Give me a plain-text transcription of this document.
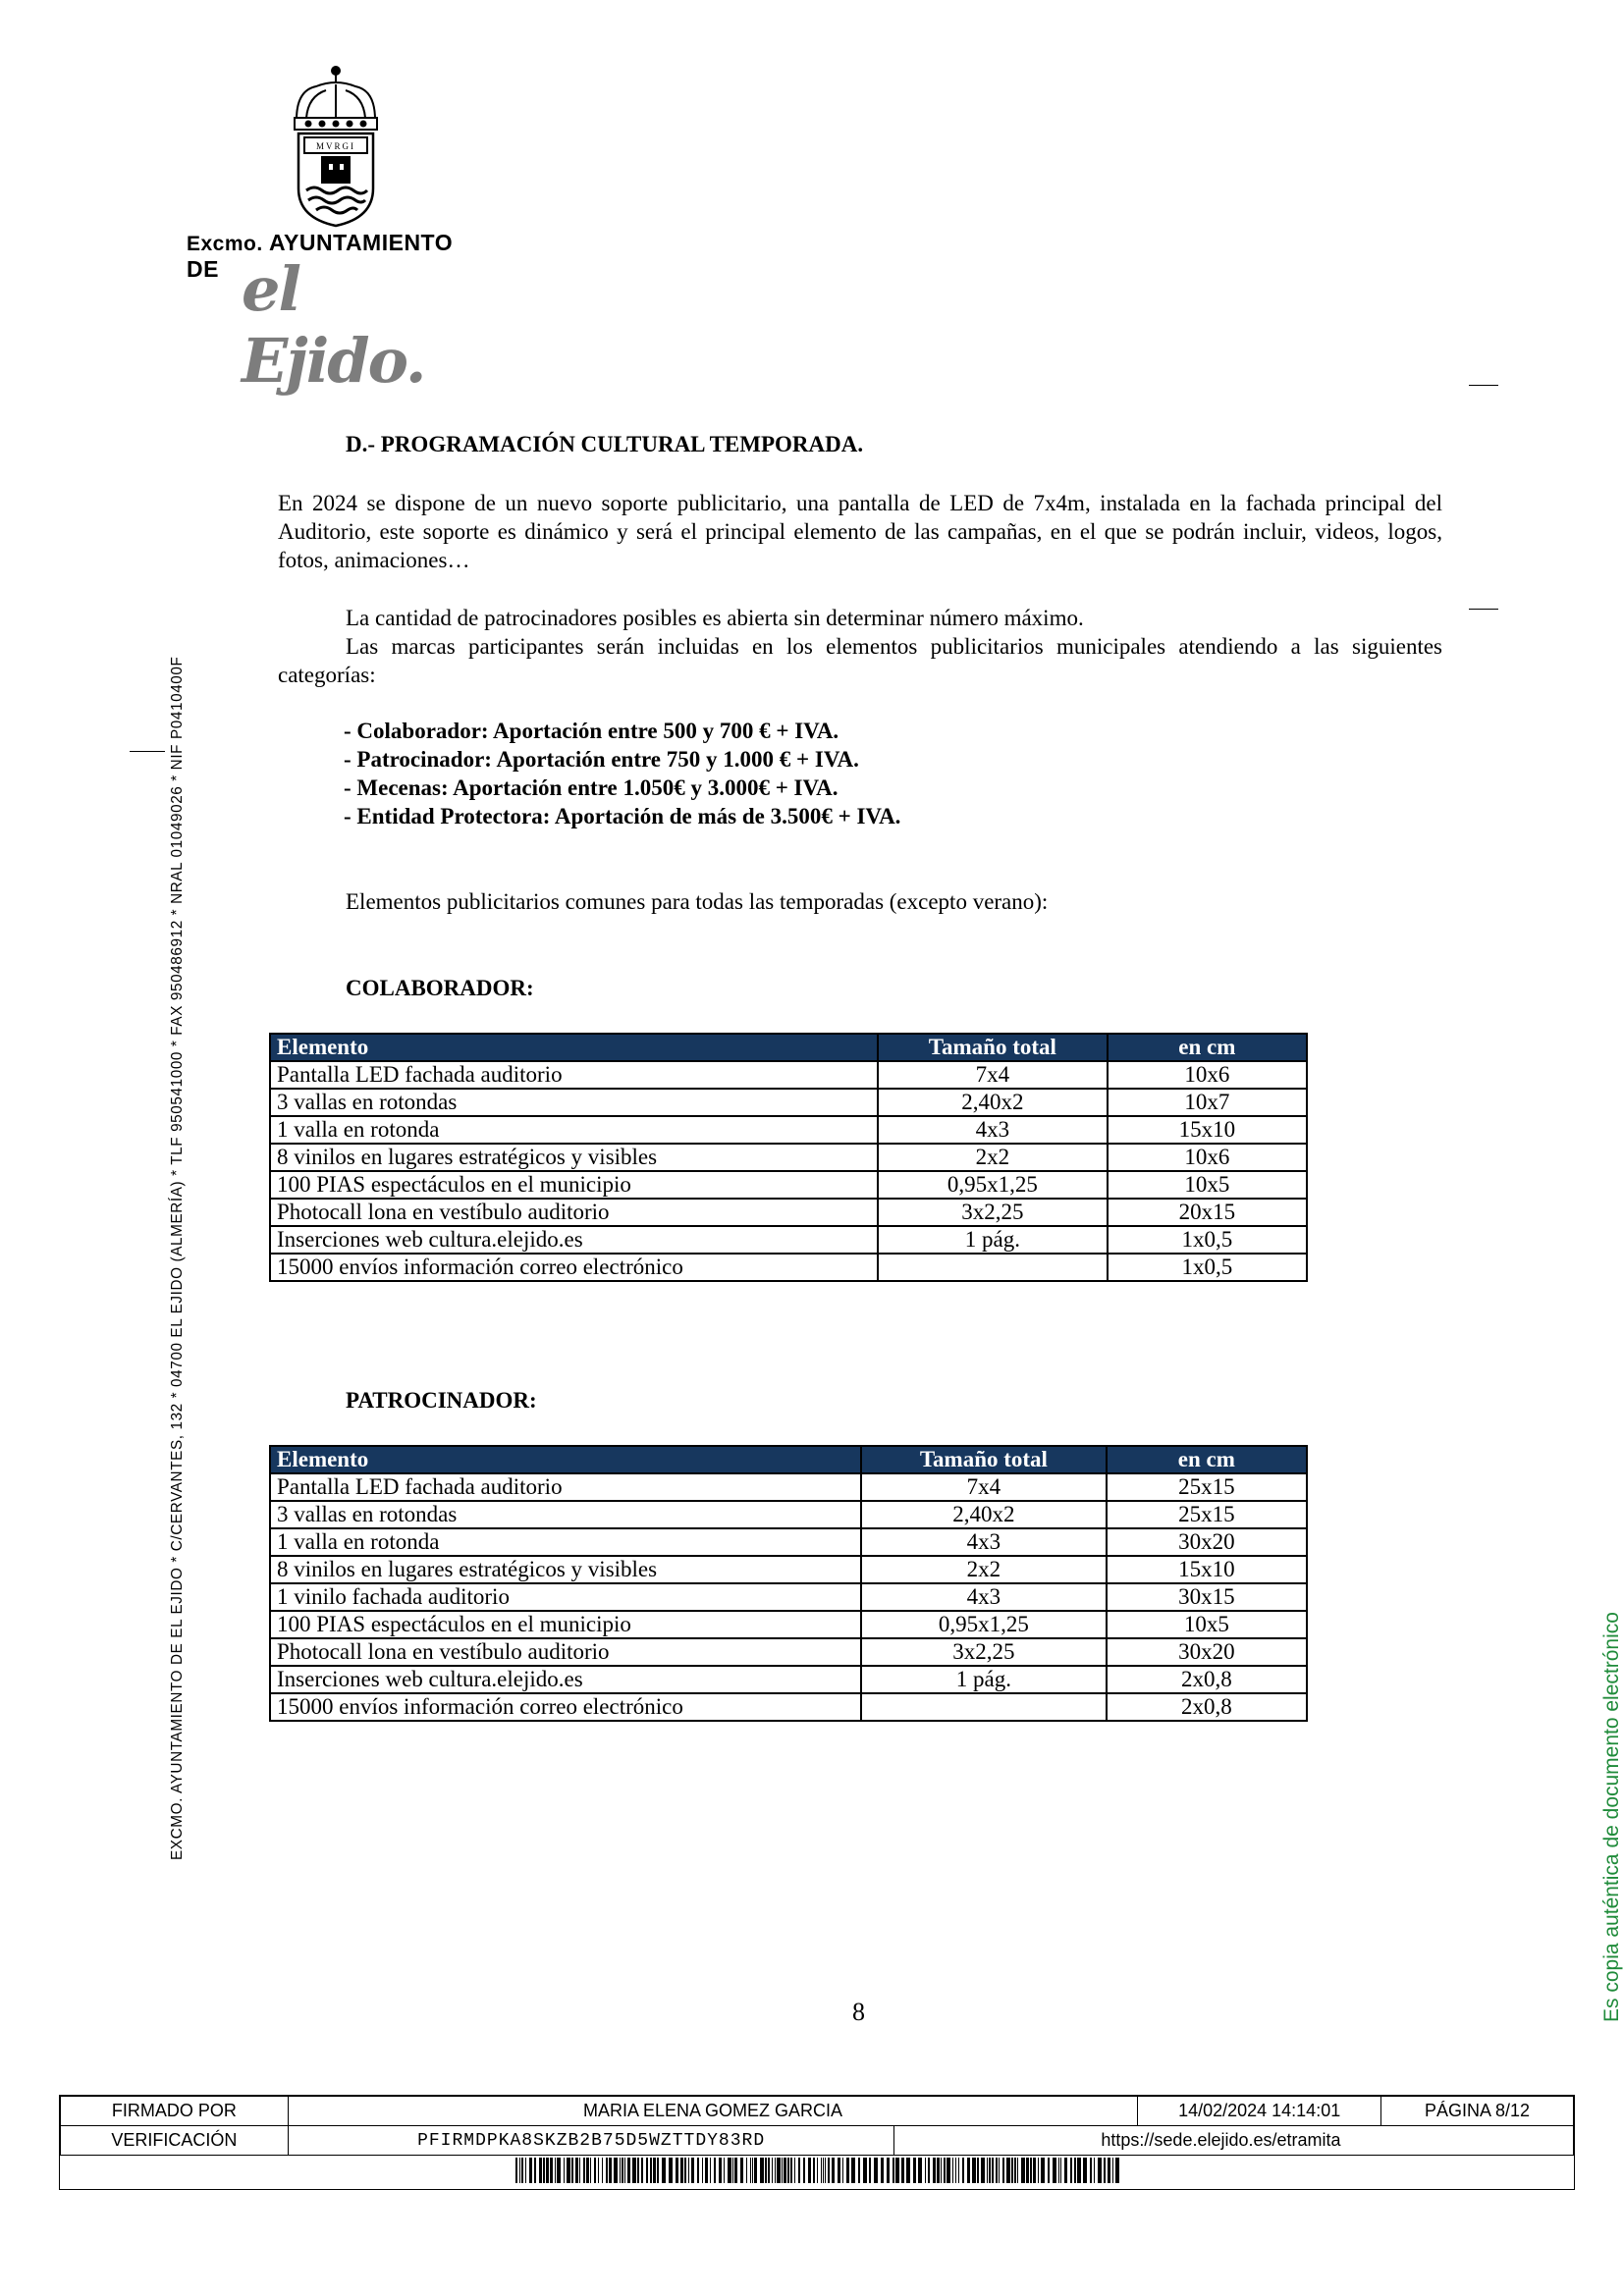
MVRGI
Excmo. AYUNTAMIENTO DE el Ejido.
EXCMO. AYUNTAMIENTO DE EL EJIDO * C/CERVANTES, 132 * 04700 EL EJIDO (ALMERÍA) * TLF 950541000 * FAX 950486912 * NRAL 01049026 * NIF P0410400F	Es copia auténtica de documento electrónico
D.- PROGRAMACIÓN CULTURAL TEMPORADA.
En 2024 se dispone de un nuevo soporte publicitario, una pantalla de LED de 7x4m, instalada en la fachada principal del Auditorio, este soporte es dinámico y será el principal elemento de las campañas, en el que se podrán incluir, videos, logos, fotos, animaciones…
La cantidad de patrocinadores posibles es abierta sin determinar número máximo.
Las marcas participantes serán incluidas en los elementos publicitarios municipales atendiendo a las siguientes categorías:
- Colaborador: Aportación entre 500 y 700 € + IVA.
- Patrocinador: Aportación entre 750 y 1.000 € + IVA.
- Mecenas: Aportación entre 1.050€ y 3.000€ + IVA.
- Entidad Protectora: Aportación de más de 3.500€ + IVA.
Elementos publicitarios comunes para todas las temporadas (excepto verano):
COLABORADOR:
Elemento	Tamaño total	en cm
Pantalla LED fachada auditorio	7x4	10x6
3 vallas en rotondas	2,40x2	10x7
1 valla en rotonda	4x3	15x10
8 vinilos en lugares estratégicos y visibles	2x2	10x6
100 PIAS espectáculos en el municipio	0,95x1,25	10x5
Photocall lona en vestíbulo auditorio	3x2,25	20x15
Inserciones web cultura.elejido.es	1 pág.	1x0,5
15000 envíos información correo electrónico		1x0,5
PATROCINADOR:
Elemento	Tamaño total	en cm
Pantalla LED fachada auditorio	7x4	25x15
3 vallas en rotondas	2,40x2	25x15
1 valla en rotonda	4x3	30x20
8 vinilos en lugares estratégicos y visibles	2x2	15x10
1 vinilo fachada auditorio	4x3	30x15
100 PIAS espectáculos en el municipio	0,95x1,25	10x5
Photocall lona en vestíbulo auditorio	3x2,25	30x20
Inserciones web cultura.elejido.es	1 pág.	2x0,8
15000 envíos información correo electrónico		2x0,8
8
FIRMADO POR	MARIA ELENA GOMEZ GARCIA		14/02/2024 14:14:01	PÁGINA 8/12
VERIFICACIÓN	PFIRMDPKA8SKZB2B75D5WZTTDY83RD	https://sede.elejido.es/etramita		
